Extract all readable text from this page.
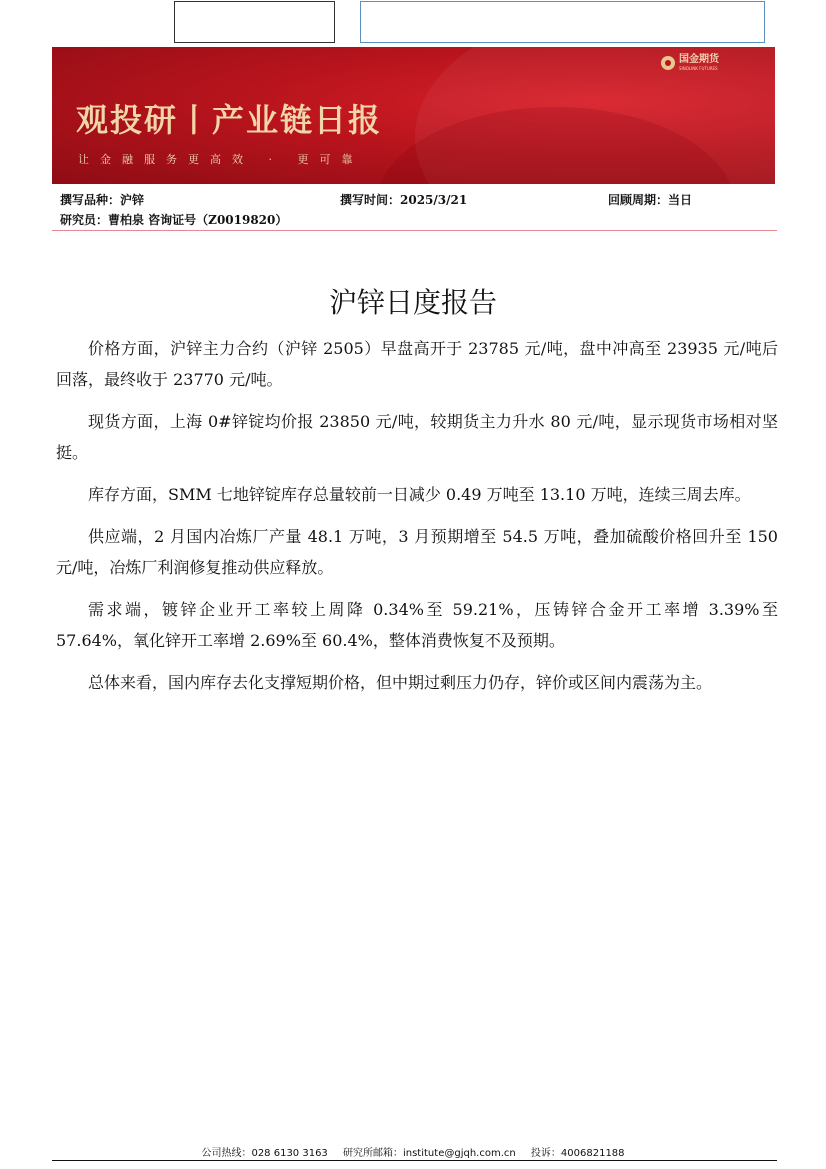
观投研丨产业链日报
让金融服务更高效 · 更可靠
国金期货
SINOLINK FUTURES
撰写品种：沪锌	撰写时间：2025/3/21	回顾周期：当日
研究员：曹柏泉 咨询证号（Z0019820）
沪锌日度报告

价格方面，沪锌主力合约（沪锌 2505）早盘高开于 23785 元/吨，盘中冲高至 23935 元/吨后回落，最终收于 23770 元/吨。

现货方面，上海 0#锌锭均价报 23850 元/吨，较期货主力升水 80 元/吨，显示现货市场相对坚挺。

库存方面，SMM 七地锌锭库存总量较前一日减少 0.49 万吨至 13.10 万吨，连续三周去库。

供应端，2 月国内冶炼厂产量 48.1 万吨，3 月预期增至 54.5 万吨，叠加硫酸价格回升至 150 元/吨，冶炼厂利润修复推动供应释放。

需求端，镀锌企业开工率较上周降 0.34%至 59.21%，压铸锌合金开工率增 3.39%至 57.64%，氧化锌开工率增 2.69%至 60.4%，整体消费恢复不及预期。

总体来看，国内库存去化支撑短期价格，但中期过剩压力仍存，锌价或区间内震荡为主。

公司热线：028 6130 3163 研究所邮箱：institute@gjqh.com.cn 投诉：4006821188
